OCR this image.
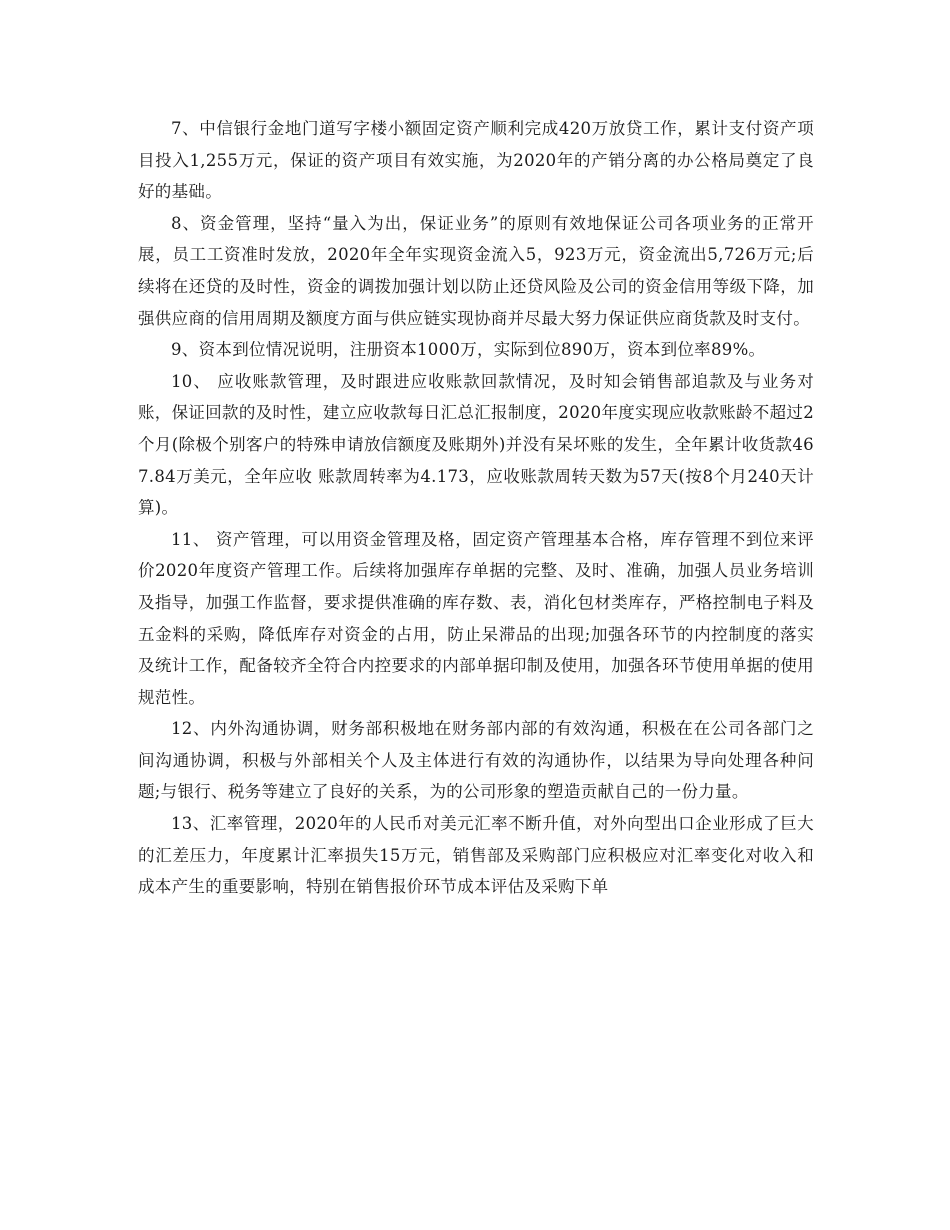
7、中信银行金地门道写字楼小额固定资产顺利完成420万放贷工作，累计支付资产项目投入1,255万元，保证的资产项目有效实施，为2020年的产销分离的办公格局奠定了良好的基础。

8、资金管理，坚持“量入为出，保证业务”的原则有效地保证公司各项业务的正常开展，员工工资准时发放，2020年全年实现资金流入5，923万元，资金流出5,726万元;后续将在还贷的及时性，资金的调拨加强计划以防止还贷风险及公司的资金信用等级下降，加强供应商的信用周期及额度方面与供应链实现协商并尽最大努力保证供应商货款及时支付。

9、资本到位情况说明，注册资本1000万，实际到位890万，资本到位率89%。

10、 应收账款管理，及时跟进应收账款回款情况，及时知会销售部追款及与业务对账，保证回款的及时性，建立应收款每日汇总汇报制度，2020年度实现应收款账龄不超过2个月(除极个别客户的特殊申请放信额度及账期外)并没有呆坏账的发生，全年累计收货款467.84万美元，全年应收 账款周转率为4.173，应收账款周转天数为57天(按8个月240天计算)。

11、 资产管理，可以用资金管理及格，固定资产管理基本合格，库存管理不到位来评价2020年度资产管理工作。后续将加强库存单据的完整、及时、准确，加强人员业务培训及指导，加强工作监督，要求提供准确的库存数、表，消化包材类库存，严格控制电子料及五金料的采购，降低库存对资金的占用，防止呆滞品的出现;加强各环节的内控制度的落实及统计工作，配备较齐全符合内控要求的内部单据印制及使用，加强各环节使用单据的使用规范性。

12、内外沟通协调，财务部积极地在财务部内部的有效沟通，积极在在公司各部门之间沟通协调，积极与外部相关个人及主体进行有效的沟通协作，以结果为导向处理各种问题;与银行、税务等建立了良好的关系，为的公司形象的塑造贡献自己的一份力量。

13、汇率管理，2020年的人民币对美元汇率不断升值，对外向型出口企业形成了巨大的汇差压力，年度累计汇率损失15万元，销售部及采购部门应积极应对汇率变化对收入和成本产生的重要影响，特别在销售报价环节成本评估及采购下单
